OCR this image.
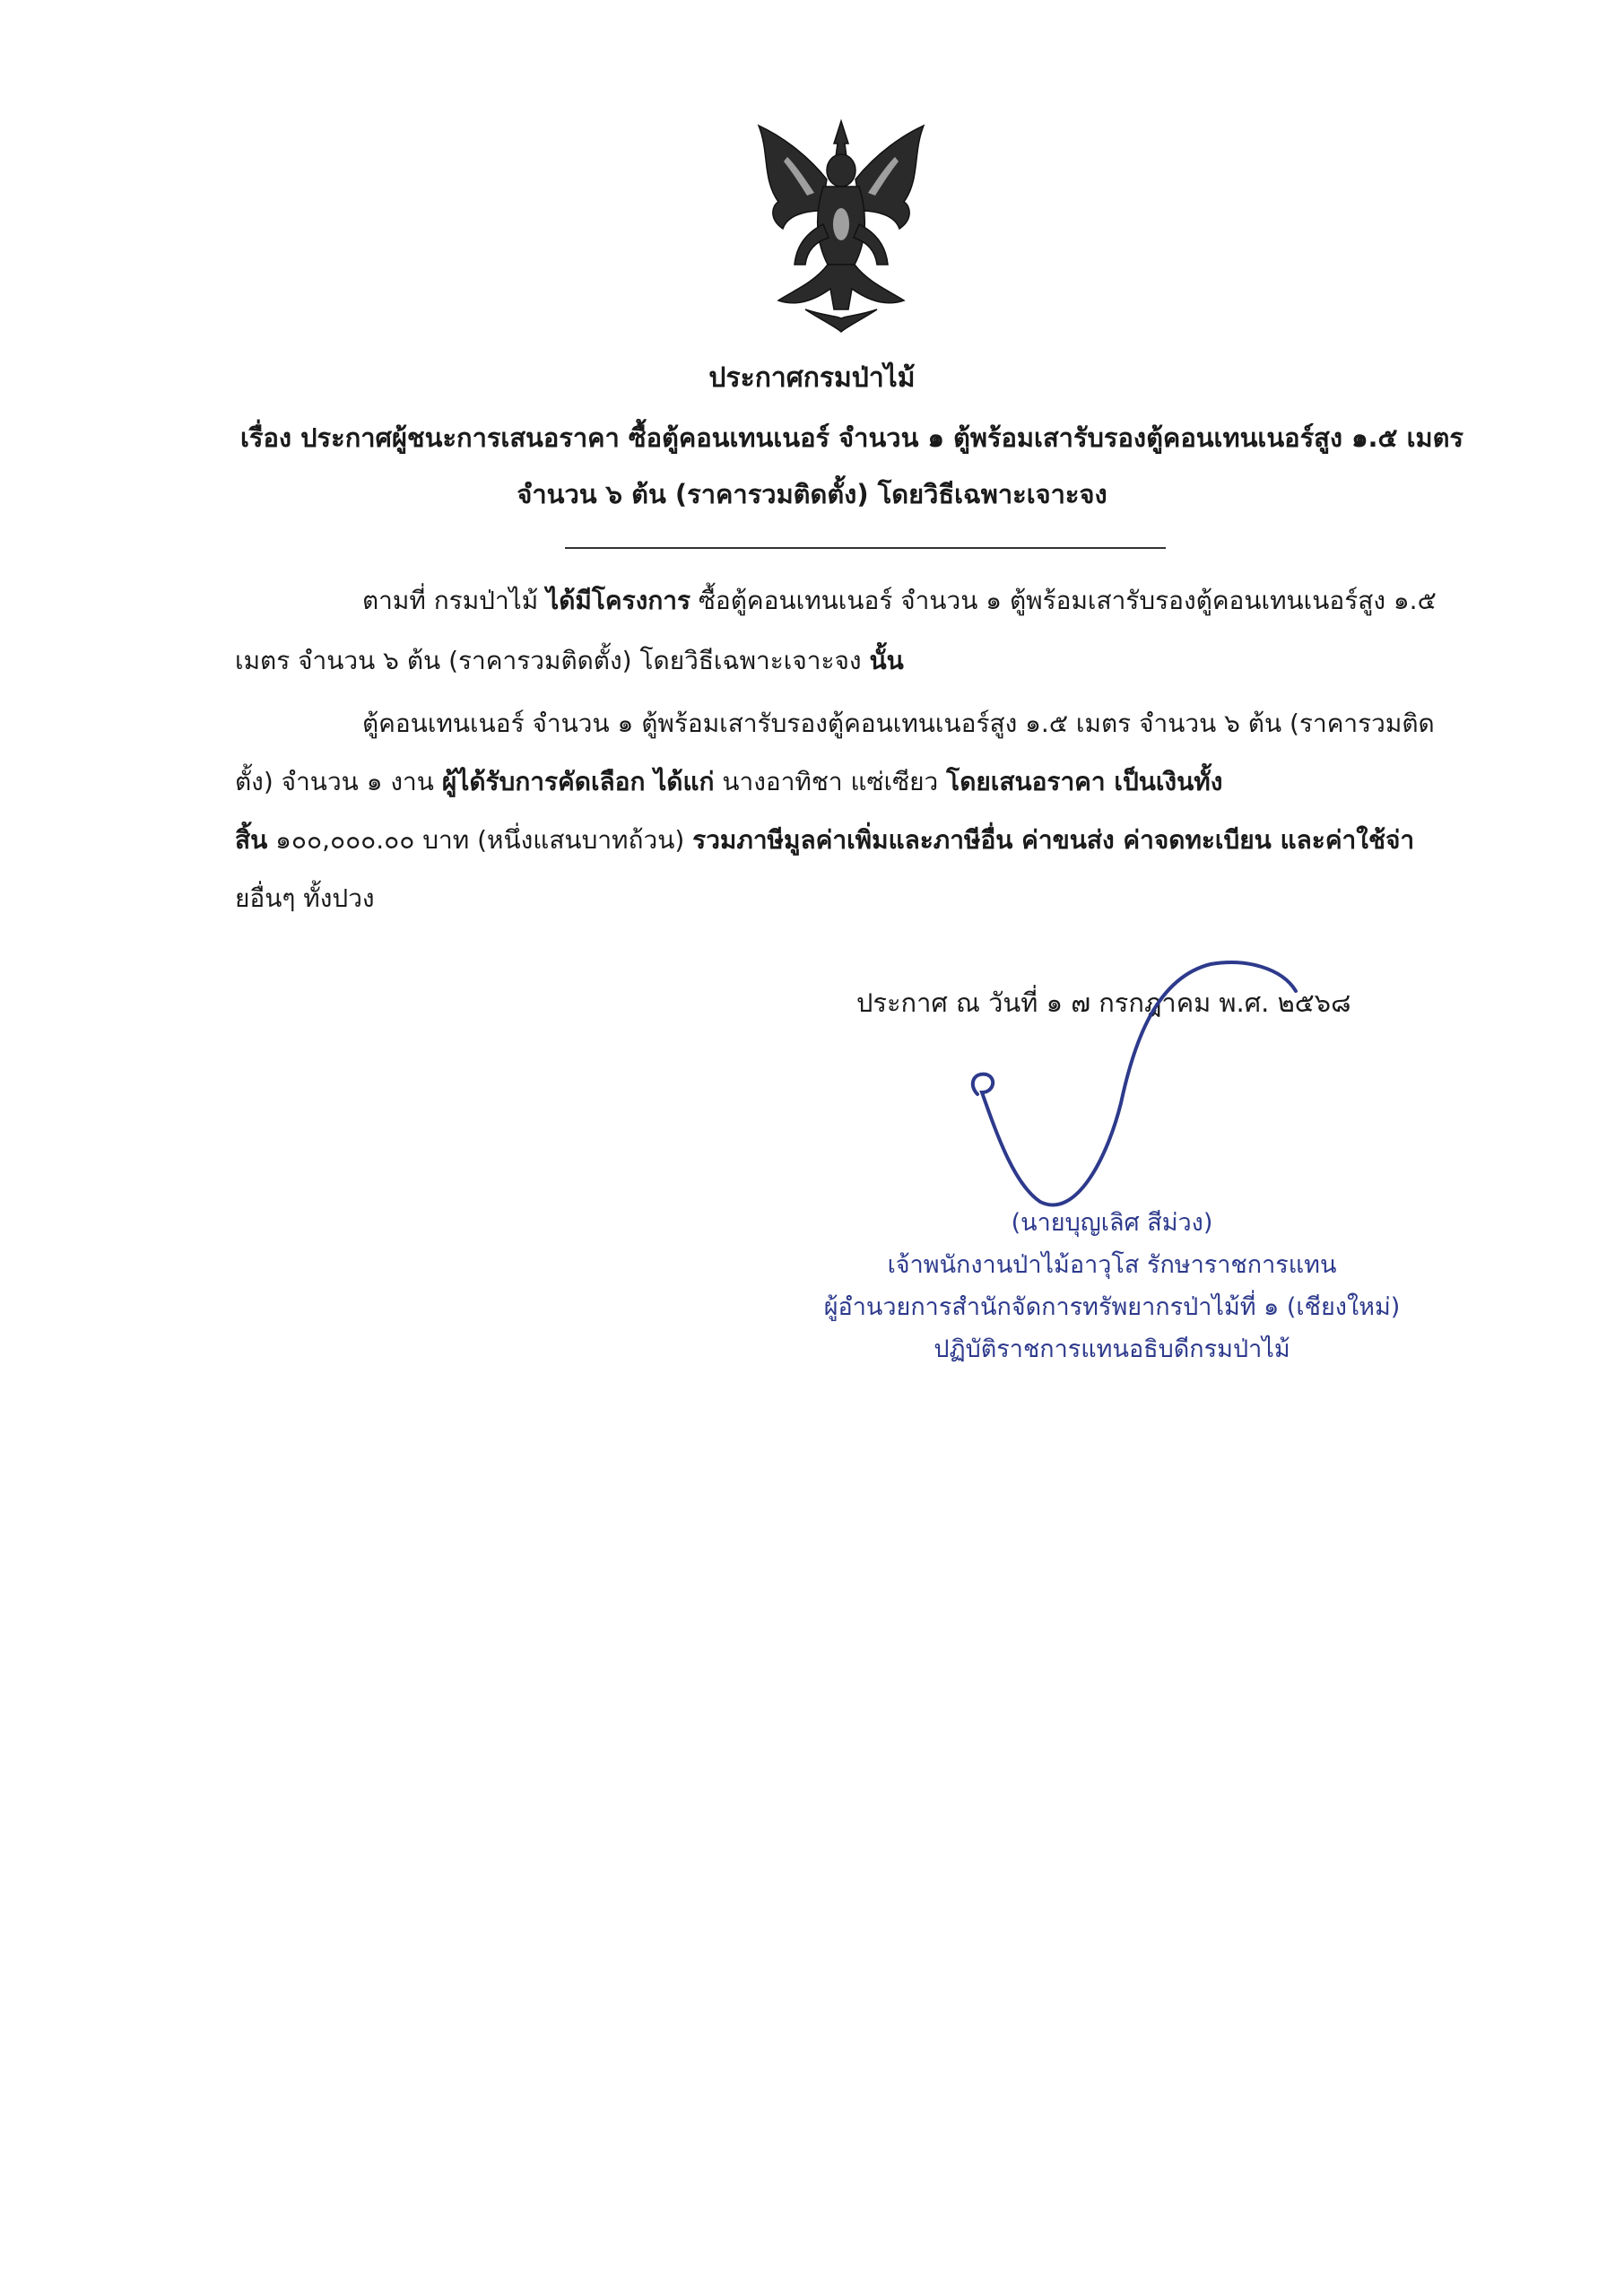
ประกาศกรมป่าไม้
เรื่อง ประกาศผู้ชนะการเสนอราคา ซื้อตู้คอนเทนเนอร์ จำนวน ๑ ตู้พร้อมเสารับรองตู้คอนเทนเนอร์สูง ๑.๕ เมตร
จำนวน ๖ ต้น (ราคารวมติดตั้ง) โดยวิธีเฉพาะเจาะจง
ตามที่ กรมป่าไม้ ได้มีโครงการ ซื้อตู้คอนเทนเนอร์ จำนวน ๑ ตู้พร้อมเสารับรองตู้คอนเทนเนอร์สูง ๑.๕
เมตร จำนวน ๖ ต้น (ราคารวมติดตั้ง) โดยวิธีเฉพาะเจาะจง นั้น
ตู้คอนเทนเนอร์ จำนวน ๑ ตู้พร้อมเสารับรองตู้คอนเทนเนอร์สูง ๑.๕ เมตร จำนวน ๖ ต้น (ราคารวมติด
ตั้ง) จำนวน ๑ งาน ผู้ได้รับการคัดเลือก ได้แก่ นางอาทิชา แซ่เซียว โดยเสนอราคา เป็นเงินทั้ง
สิ้น ๑๐๐,๐๐๐.๐๐ บาท (หนึ่งแสนบาทถ้วน) รวมภาษีมูลค่าเพิ่มและภาษีอื่น ค่าขนส่ง ค่าจดทะเบียน และค่าใช้จ่า
ยอื่นๆ ทั้งปวง
ประกาศ ณ วันที่ ๑ ๗ กรกฎาคม พ.ศ. ๒๕๖๘
(นายบุญเลิศ สีม่วง)
เจ้าพนักงานป่าไม้อาวุโส รักษาราชการแทน
ผู้อำนวยการสำนักจัดการทรัพยากรป่าไม้ที่ ๑ (เชียงใหม่)
ปฏิบัติราชการแทนอธิบดีกรมป่าไม้
